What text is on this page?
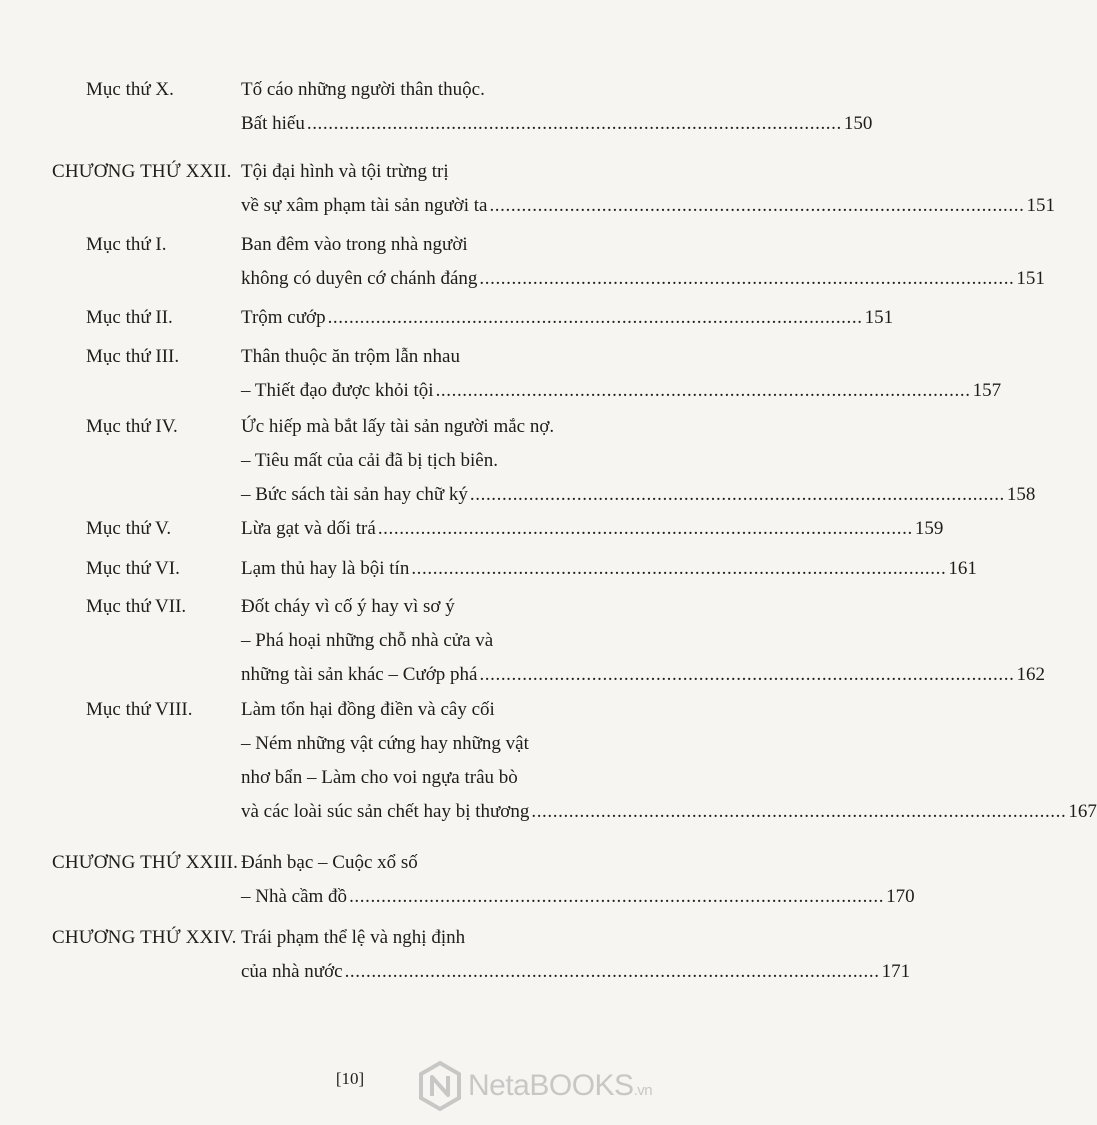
Mục thứ X.	Tố cáo những người thân thuộc.
Bất hiếu .................................................................................................... 150
CHƯƠNG THỨ XXII. Tội đại hình và tội trừng trị
về sự xâm phạm tài sản người ta .................................................................................................... 151
Mục thứ I.	Ban đêm vào trong nhà người
không có duyên cớ chánh đáng .................................................................................................... 151
Mục thứ II.	Trộm cướp .................................................................................................... 151
Mục thứ III.	Thân thuộc ăn trộm lẫn nhau
– Thiết đạo được khỏi tội .................................................................................................... 157
Mục thứ IV.	Ức hiếp mà bắt lấy tài sản người mắc nợ.
– Tiêu mất của cải đã bị tịch biên.
– Bức sách tài sản hay chữ ký .................................................................................................... 158
Mục thứ V.	Lừa gạt và dối trá .................................................................................................... 159
Mục thứ VI.	Lạm thủ hay là bội tín .................................................................................................... 161
Mục thứ VII.	Đốt cháy vì cố ý hay vì sơ ý
– Phá hoại những chỗ nhà cửa và
những tài sản khác – Cướp phá .................................................................................................... 162
Mục thứ VIII.	Làm tổn hại đồng điền và cây cối
– Ném những vật cứng hay những vật
nhơ bẩn – Làm cho voi ngựa trâu bò
và các loài súc sản chết hay bị thương .................................................................................................... 167
CHƯƠNG THỨ XXIII. Đánh bạc – Cuộc xổ số
– Nhà cầm đồ .................................................................................................... 170
CHƯƠNG THỨ XXIV. Trái phạm thể lệ và nghị định
của nhà nước .................................................................................................... 171
[10]	NetaBOOKS.vn
